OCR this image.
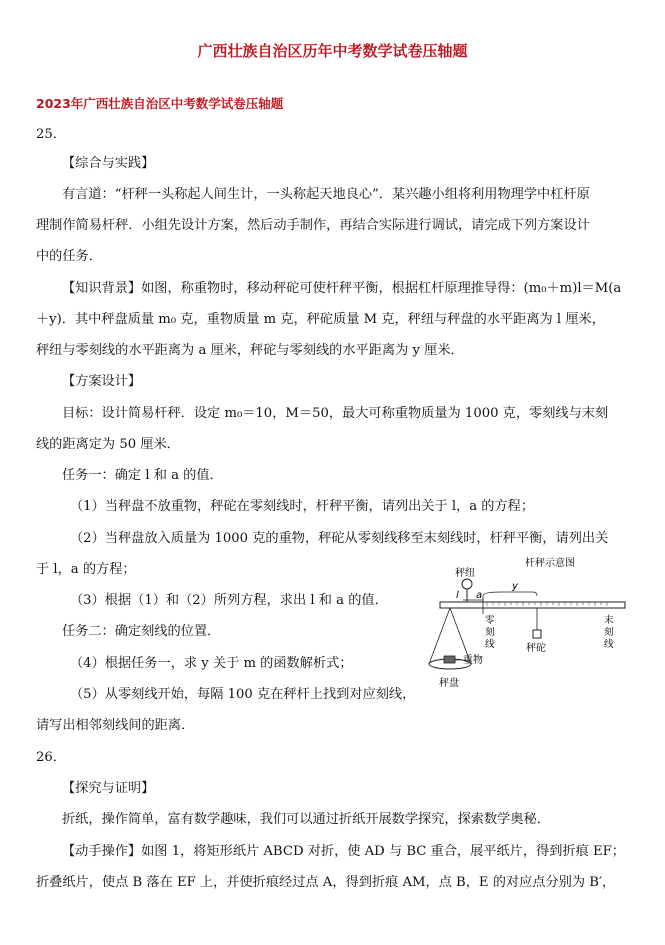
广西壮族自治区历年中考数学试卷压轴题
2023年广西壮族自治区中考数学试卷压轴题
25．
【综合与实践】
有言道：“杆秤一头称起人间生计，一头称起天地良心”．某兴趣小组将利用物理学中杠杆原
理制作简易杆秤．小组先设计方案，然后动手制作，再结合实际进行调试，请完成下列方案设计
中的任务．
【知识背景】如图，称重物时，移动秤砣可使杆秤平衡，根据杠杆原理推导得：(m₀＋m)l＝M(a
＋y)．其中秤盘质量 m₀ 克，重物质量 m 克，秤砣质量 M 克，秤纽与秤盘的水平距离为 l 厘米，
秤纽与零刻线的水平距离为 a 厘米，秤砣与零刻线的水平距离为 y 厘米．
【方案设计】
目标：设计简易杆秤．设定 m₀＝10，M＝50，最大可称重物质量为 1000 克，零刻线与末刻
线的距离定为 50 厘米．
任务一：确定 l 和 a 的值．
（1）当秤盘不放重物，秤砣在零刻线时，杆秤平衡，请列出关于 l，a 的方程；
（2）当秤盘放入质量为 1000 克的重物，秤砣从零刻线移至末刻线时，杆秤平衡，请列出关
于 l，a 的方程；
（3）根据（1）和（2）所列方程，求出 l 和 a 的值．
任务二：确定刻线的位置．
（4）根据任务一，求 y 关于 m 的函数解析式；
（5）从零刻线开始，每隔 100 克在秤杆上找到对应刻线，
请写出相邻刻线间的距离．
杆秤示意图
秤纽
l a
y
零
刻
线
末
刻
线
秤砣
重物
秤盘
26．
【探究与证明】
折纸，操作简单，富有数学趣味，我们可以通过折纸开展数学探究，探索数学奥秘．
【动手操作】如图 1，将矩形纸片 ABCD 对折，使 AD 与 BC 重合，展平纸片，得到折痕 EF；
折叠纸片，使点 B 落在 EF 上，并使折痕经过点 A，得到折痕 AM，点 B，E 的对应点分别为 B′，
